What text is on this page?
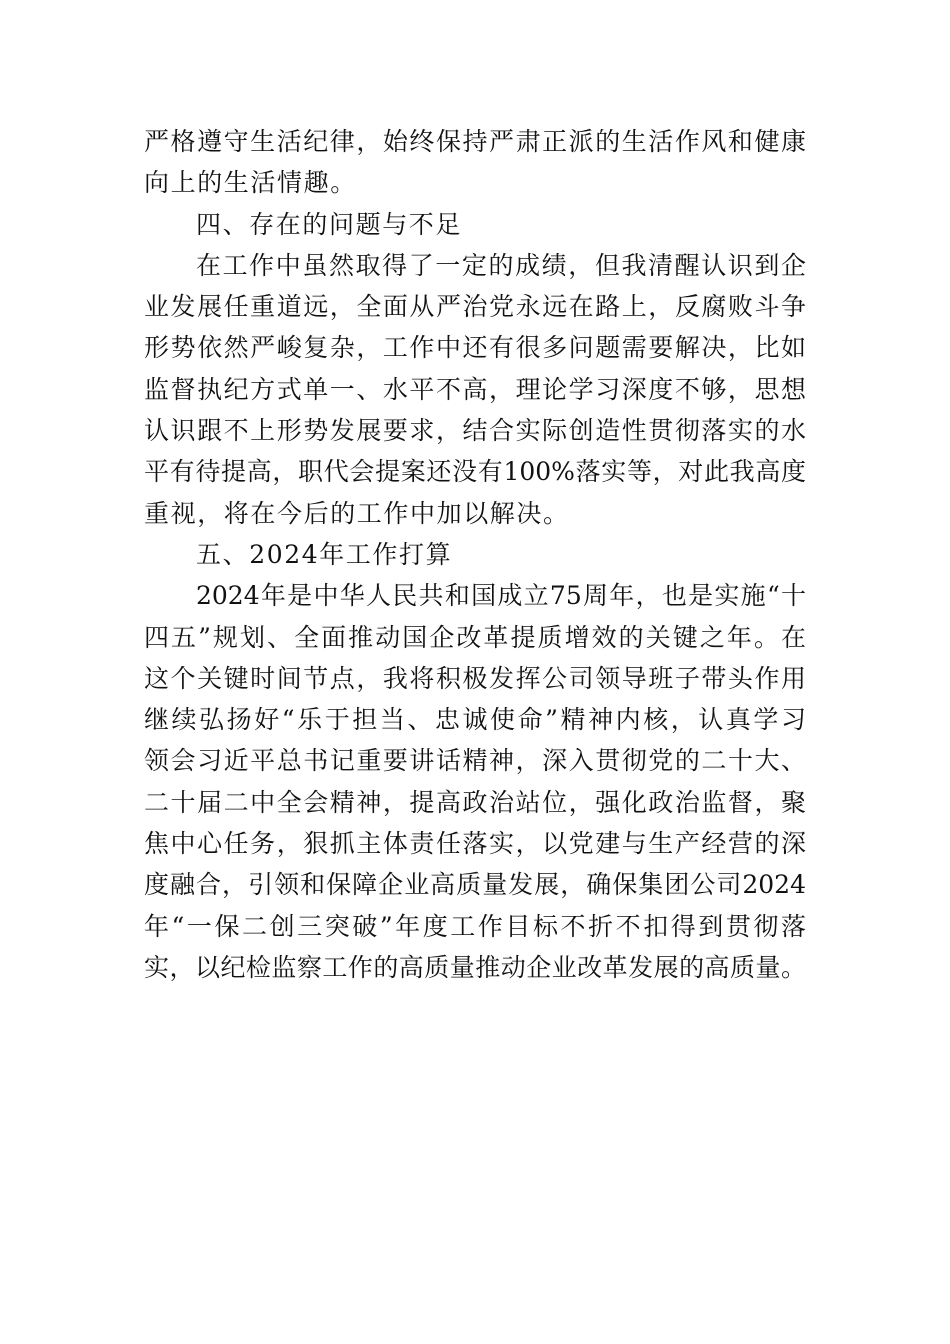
严格遵守生活纪律，始终保持严肃正派的生活作风和健康
向上的生活情趣。
四、存在的问题与不足
在工作中虽然取得了一定的成绩，但我清醒认识到企
业发展任重道远，全面从严治党永远在路上，反腐败斗争
形势依然严峻复杂，工作中还有很多问题需要解决，比如
监督执纪方式单一、水平不高，理论学习深度不够，思想
认识跟不上形势发展要求，结合实际创造性贯彻落实的水
平有待提高，职代会提案还没有100%落实等，对此我高度
重视，将在今后的工作中加以解决。
五、2024年工作打算
2024年是中华人民共和国成立75周年，也是实施“十
四五”规划、全面推动国企改革提质增效的关键之年。在
这个关键时间节点，我将积极发挥公司领导班子带头作用
继续弘扬好“乐于担当、忠诚使命”精神内核，认真学习
领会习近平总书记重要讲话精神，深入贯彻党的二十大、
二十届二中全会精神，提高政治站位，强化政治监督，聚
焦中心任务，狠抓主体责任落实，以党建与生产经营的深
度融合，引领和保障企业高质量发展，确保集团公司2024
年“一保二创三突破”年度工作目标不折不扣得到贯彻落
实，以纪检监察工作的高质量推动企业改革发展的高质量。
